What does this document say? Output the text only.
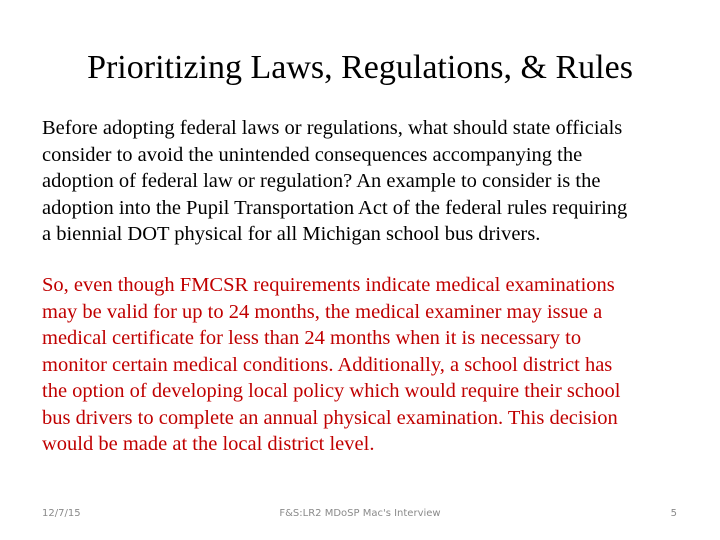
Prioritizing Laws, Regulations, & Rules

Before adopting federal laws or regulations, what should state officials
consider to avoid the unintended consequences accompanying the
adoption of federal law or regulation? An example to consider is the
adoption into the Pupil Transportation Act of the federal rules requiring
a biennial DOT physical for all Michigan school bus drivers.

So, even though FMCSR requirements indicate medical examinations
may be valid for up to 24 months, the medical examiner may issue a
medical certificate for less than 24 months when it is necessary to
monitor certain medical conditions. Additionally, a school district has
the option of developing local policy which would require their school
bus drivers to complete an annual physical examination. This decision
would be made at the local district level.

12/7/15	F&S:LR2 MDoSP Mac's Interview	5
